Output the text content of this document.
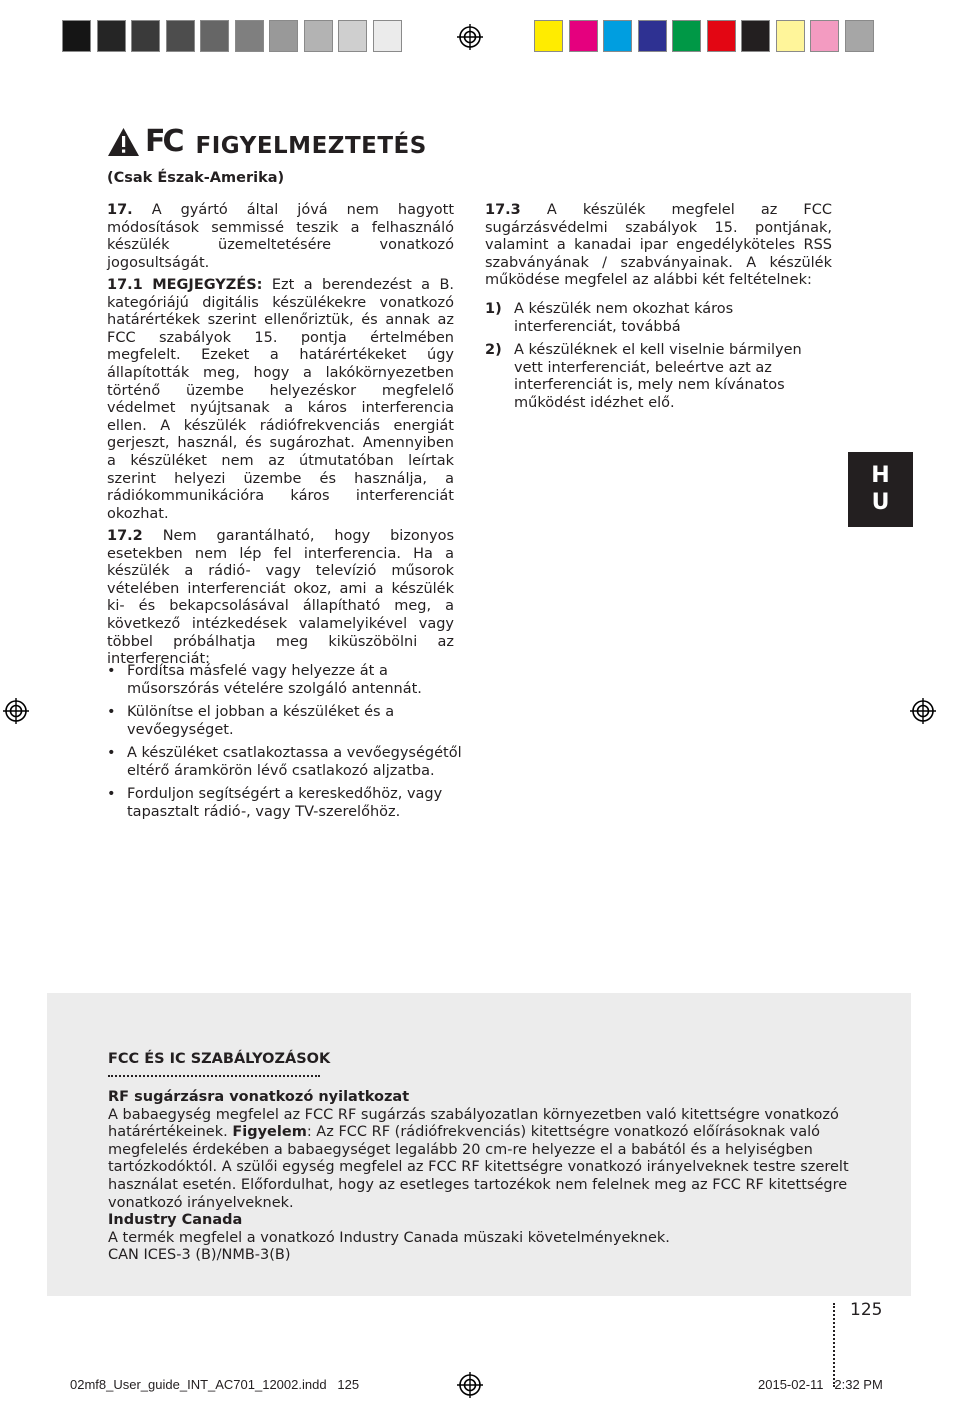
FC FIGYELMEZTETÉS
(Csak Észak-Amerika)
17. A gyártó által jóvá nem hagyott módosítások semmissé teszik a felhasználó készülék üzemeltetésére vonatkozó jogosultságát.
17.1 MEGJEGYZÉS: Ezt a berendezést a B. kategóriájú digitális készülékekre vonatkozó határértékek szerint ellenőriztük, és annak az FCC szabályok 15. pontja értelmében megfelelt. Ezeket a határértékeket úgy állapították meg, hogy a lakókörnyezetben történő üzembe helyezéskor megfelelő védelmet nyújtsanak a káros interferencia ellen. A készülék rádiófrekvenciás energiát gerjeszt, használ, és sugározhat. Amennyiben a készüléket nem az útmutatóban leírtak szerint helyezi üzembe és használja, a rádiókommunikációra káros interferenciát okozhat.
17.2 Nem garantálható, hogy bizonyos esetekben nem lép fel interferencia. Ha a készülék a rádió- vagy televízió műsorok vételében interferenciát okoz, ami a készülék ki- és bekapcsolásával állapítható meg, a következő intézkedések valamelyikével vagy többel próbálhatja meg kiküszöbölni az interferenciát:
• Fordítsa másfelé vagy helyezze át a műsorszórás vételére szolgáló antennát.
• Különítse el jobban a készüléket és a vevőegységet.
• A készüléket csatlakoztassa a vevőegységétől eltérő áramkörön lévő csatlakozó aljzatba.
• Forduljon segítségért a kereskedőhöz, vagy tapasztalt rádió-, vagy TV-szerelőhöz.
17.3 A készülék megfelel az FCC sugárzásvédelmi szabályok 15. pontjának, valamint a kanadai ipar engedélyköteles RSS szabványának / szabványainak. A készülék működése megfelel az alábbi két feltételnek:
1) A készülék nem okozhat káros interferenciát, továbbá
2) A készüléknek el kell viselnie bármilyen vett interferenciát, beleértve azt az interferenciát is, mely nem kívánatos működést idézhet elő.
H
U
FCC ÉS IC SZABÁLYOZÁSOK
RF sugárzásra vonatkozó nyilatkozat
A babaegység megfelel az FCC RF sugárzás szabályozatlan környezetben való kitettségre vonatkozó határértékeinek. Figyelem: Az FCC RF (rádiófrekvenciás) kitettségre vonatkozó előírásoknak való megfelelés érdekében a babaegységet legalább 20 cm-re helyezze el a babától és a helyiségben tartózkodóktól. A szülői egység megfelel az FCC RF kitettségre vonatkozó irányelveknek testre szerelt használat esetén. Előfordulhat, hogy az esetleges tartozékok nem felelnek meg az FCC RF kitettségre vonatkozó irányelveknek.
Industry Canada
A termék megfelel a vonatkozó Industry Canada müszaki követelményeknek.
CAN ICES-3 (B)/NMB-3(B)
125
02mf8_User_guide_INT_AC701_12002.indd 125	2015-02-11 2:32 PM
